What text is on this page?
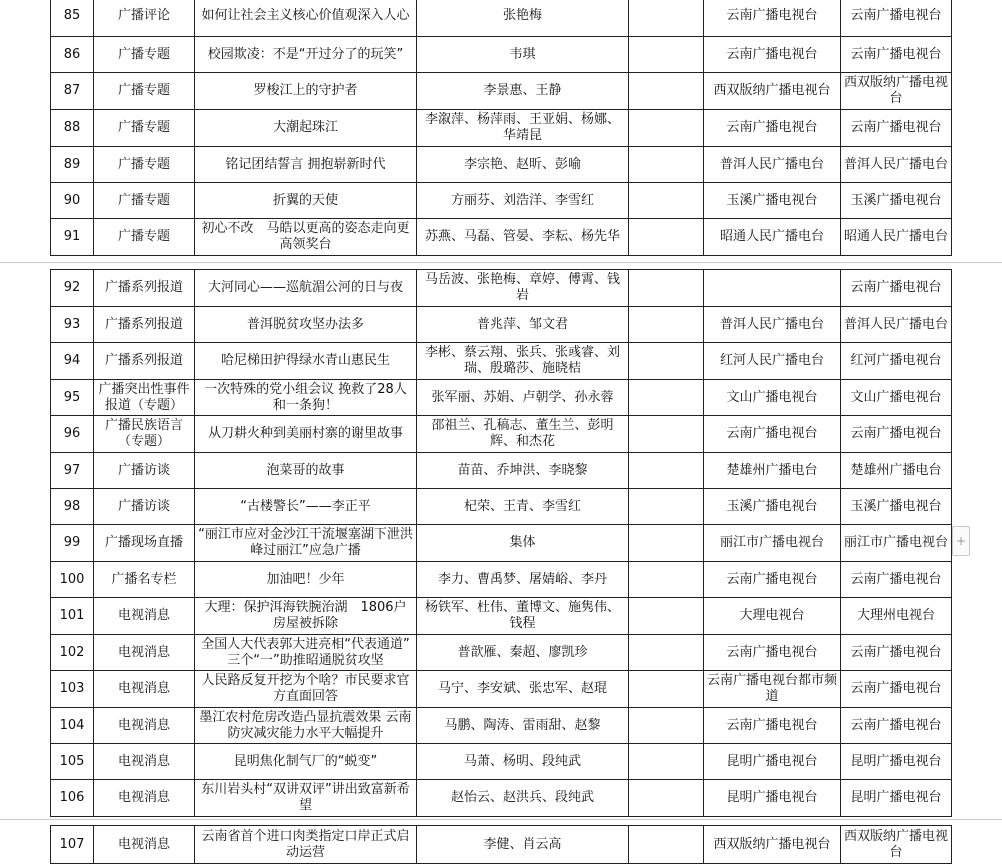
85	广播评论	如何让社会主义核心价值观深入人心	张艳梅		云南广播电视台	云南广播电视台
86	广播专题	校园欺凌：不是“开过分了的玩笑”	韦琪		云南广播电视台	云南广播电视台
87	广播专题	罗梭江上的守护者	李景惠、王静		西双版纳广播电视台	西双版纳广播电视台
88	广播专题	大潮起珠江	李溆萍、杨萍雨、王亚娟、杨娜、华靖昆		云南广播电视台	云南广播电视台
89	广播专题	铭记团结誓言 拥抱崭新时代	李宗艳、赵昕、彭喻		普洱人民广播电台	普洱人民广播电台
90	广播专题	折翼的天使	方丽芬、刘浩洋、李雪红		玉溪广播电视台	玉溪广播电视台
91	广播专题	初心不改　马皓以更高的姿态走向更高领奖台	苏燕、马磊、管晏、李耘、杨先华		昭通人民广播电台	昭通人民广播电台
92	广播系列报道	大河同心——巡航湄公河的日与夜	马岳波、张艳梅、章婷、傅霄、钱岩			云南广播电视台
93	广播系列报道	普洱脱贫攻坚办法多	普兆萍、邹文君		普洱人民广播电台	普洱人民广播电台
94	广播系列报道	哈尼梯田护得绿水青山惠民生	李彬、蔡云翔、张兵、张彧睿、刘瑞、殷璐莎、施晓桔		红河人民广播电台	红河广播电视台
95	广播突出性事件报道（专题）	一次特殊的党小组会议 挽救了28人和一条狗！	张军丽、苏娟、卢朝学、孙永蓉		文山广播电视台	文山广播电视台
96	广播民族语言（专题）	从刀耕火种到美丽村寨的谢里故事	邵祖兰、孔稿志、董生兰、彭明辉、和杰花		云南广播电视台	云南广播电视台
97	广播访谈	泡菜哥的故事	苗苗、乔坤洪、李晓黎		楚雄州广播电台	楚雄州广播电台
98	广播访谈	“古楼警长”——李正平	杞荣、王青、李雪红		玉溪广播电视台	玉溪广播电视台
99	广播现场直播	“丽江市应对金沙江干流堰塞湖下泄洪峰过丽江”应急广播	集体		丽江市广播电视台	丽江市广播电视台
100	广播名专栏	加油吧！少年	李力、曹禹梦、屠婧峪、李丹		云南广播电视台	云南广播电视台
101	电视消息	大理：保护洱海铁腕治湖　1806户房屋被拆除	杨铁军、杜伟、董博文、施隽伟、钱程		大理电视台	大理州电视台
102	电视消息	全国人大代表郭大进亮相“代表通道” 三个“一”助推昭通脱贫攻坚	普歆雁、秦超、廖凯珍		云南广播电视台	云南广播电视台
103	电视消息	人民路反复开挖为个啥？市民要求官方直面回答	马宁、李安斌、张忠军、赵琨		云南广播电视台都市频道	云南广播电视台
104	电视消息	墨江农村危房改造凸显抗震效果 云南防灾减灾能力水平大幅提升	马鹏、陶涛、雷雨甜、赵黎		云南广播电视台	云南广播电视台
105	电视消息	昆明焦化制气厂的“蜕变”	马萧、杨明、段纯武		昆明广播电视台	昆明广播电视台
106	电视消息	东川岩头村“双讲双评”讲出致富新希望	赵怡云、赵洪兵、段纯武		昆明广播电视台	昆明广播电视台
107	电视消息	云南省首个进口肉类指定口岸正式启动运营	李健、肖云高		西双版纳广播电视台	西双版纳广播电视台
+
